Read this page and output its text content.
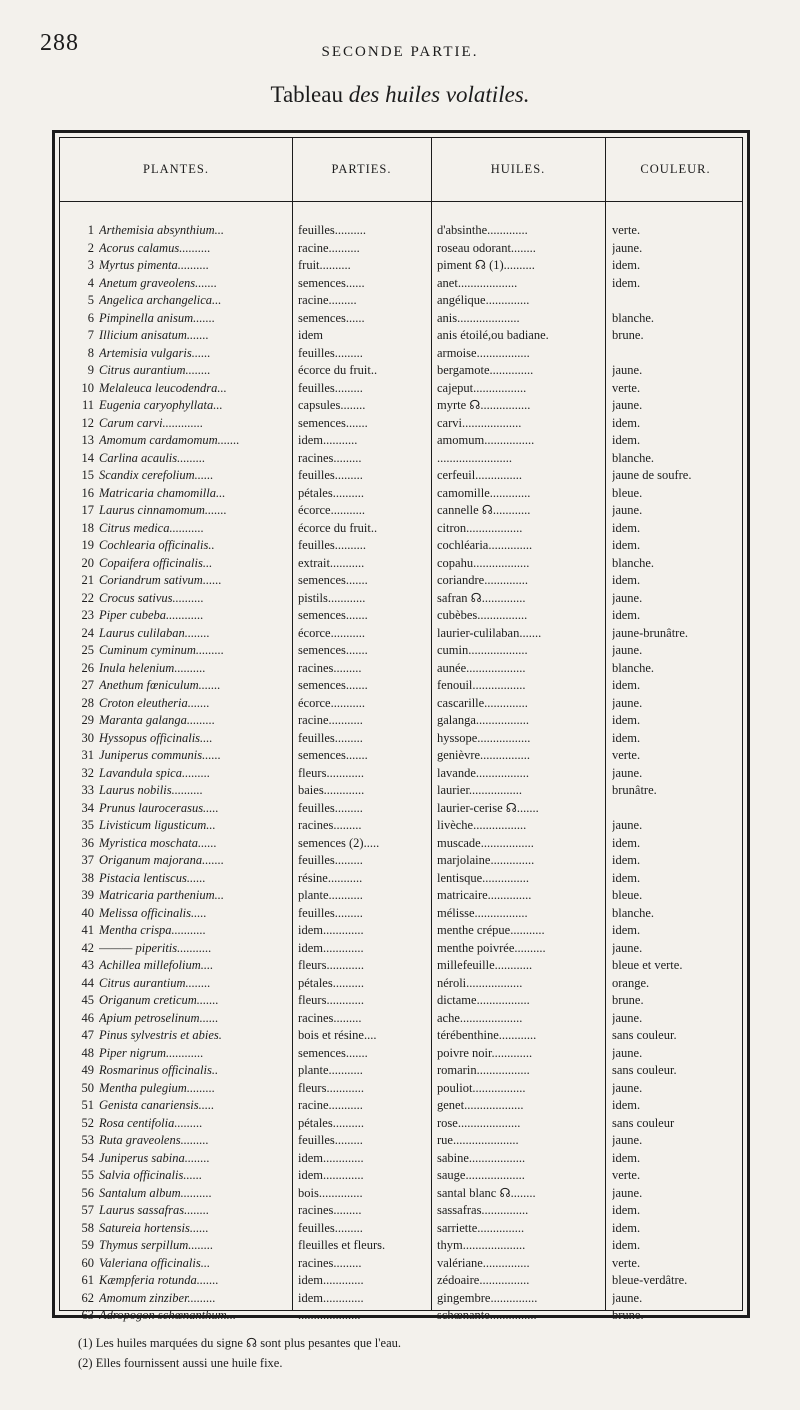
288	SECONDE PARTIE.
Tableau des huiles volatiles.
PLANTES.	PARTIES.	HUILES.	COULEUR.
1 Arthemisia absynthium...	feuilles..........	d'absinthe.............	verte.
2 Acorus calamus..........	racine..........	roseau odorant........	jaune.
3 Myrtus pimenta..........	fruit..........	piment ☊ (1)..........	idem.
4 Anetum graveolens.......	semences......	anet...................	idem.
5 Angelica archangelica...	racine.........	angélique..............
6 Pimpinella anisum.......	semences......	anis....................	blanche.
7 Illicium anisatum.......	idem	anis étoilé,ou badiane.	brune.
8 Artemisia vulgaris......	feuilles.........	armoise.................
9 Citrus aurantium........	écorce du fruit..	bergamote..............	jaune.
10 Melaleuca leucodendra...	feuilles.........	cajeput.................	verte.
11 Eugenia caryophyllata...	capsules........	myrte ☊................	jaune.
12 Carum carvi.............	semences.......	carvi...................	idem.
13 Amomum cardamomum.......	idem...........	amomum................	idem.
14 Carlina acaulis.........	racines.........	........................	blanche.
15 Scandix cerefolium......	feuilles.........	cerfeuil...............	jaune de soufre.
16 Matricaria chamomilla...	pétales..........	camomille.............	bleue.
17 Laurus cinnamomum.......	écorce...........	cannelle ☊............	jaune.
18 Citrus medica...........	écorce du fruit..	citron..................	idem.
19 Cochlearia officinalis..	feuilles..........	cochléaria..............	idem.
20 Copaifera officinalis...	extrait...........	copahu..................	blanche.
21 Coriandrum sativum......	semences.......	coriandre..............	idem.
22 Crocus sativus..........	pistils............	safran ☊..............	jaune.
23 Piper cubeba............	semences.......	cubèbes................	idem.
24 Laurus culilaban........	écorce...........	laurier-culilaban.......	jaune-brunâtre.
25 Cuminum cyminum.........	semences.......	cumin...................	jaune.
26 Inula helenium..........	racines.........	aunée...................	blanche.
27 Anethum fœniculum.......	semences.......	fenouil.................	idem.
28 Croton eleutheria.......	écorce...........	cascarille..............	jaune.
29 Maranta galanga.........	racine...........	galanga.................	idem.
30 Hyssopus officinalis....	feuilles.........	hyssope.................	idem.
31 Juniperus communis......	semences.......	genièvre................	verte.
32 Lavandula spica.........	fleurs............	lavande.................	jaune.
33 Laurus nobilis..........	baies.............	laurier.................	brunâtre.
34 Prunus laurocerasus.....	feuilles.........	laurier-cerise ☊.......
35 Livisticum ligusticum...	racines.........	livèche.................	jaune.
36 Myristica moschata......	semences (2).....	muscade.................	idem.
37 Origanum majorana.......	feuilles.........	marjolaine..............	idem.
38 Pistacia lentiscus......	résine...........	lentisque...............	idem.
39 Matricaria parthenium...	plante...........	matricaire..............	bleue.
40 Melissa officinalis.....	feuilles.........	mélisse.................	blanche.
41 Mentha crispa...........	idem.............	menthe crépue...........	idem.
42 ——— piperitis...........	idem.............	menthe poivrée..........	jaune.
43 Achillea millefolium....	fleurs............	millefeuille............	bleue et verte.
44 Citrus aurantium........	pétales..........	néroli..................	orange.
45 Origanum creticum.......	fleurs............	dictame.................	brune.
46 Apium petroselinum......	racines.........	ache....................	jaune.
47 Pinus sylvestris et abies.	bois et résine....	térébenthine............	sans couleur.
48 Piper nigrum............	semences.......	poivre noir.............	jaune.
49 Rosmarinus officinalis..	plante...........	romarin.................	sans couleur.
50 Mentha pulegium.........	fleurs............	pouliot.................	jaune.
51 Genista canariensis.....	racine...........	genet...................	idem.
52 Rosa centifolia.........	pétales..........	rose....................	sans couleur
53 Ruta graveolens.........	feuilles.........	rue.....................	jaune.
54 Juniperus sabina........	idem.............	sabine..................	idem.
55 Salvia officinalis......	idem.............	sauge...................	verte.
56 Santalum album..........	bois..............	santal blanc ☊........	jaune.
57 Laurus sassafras........	racines.........	sassafras...............	idem.
58 Satureia hortensis......	feuilles.........	sarriette...............	idem.
59 Thymus serpillum........	fleuilles et fleurs.	thym....................	idem.
60 Valeriana officinalis...	racines.........	valériane...............	verte.
61 Kæmpferia rotunda.......	idem.............	zédoaire................	bleue-verdâtre.
62 Amomum zinziber.........	idem.............	gingembre...............	jaune.
63 Adropogon schœnanthum...	....................	schœnante...............	brune.
(1) Les huiles marquées du signe ☊ sont plus pesantes que l'eau.
(2) Elles fournissent aussi une huile fixe.
